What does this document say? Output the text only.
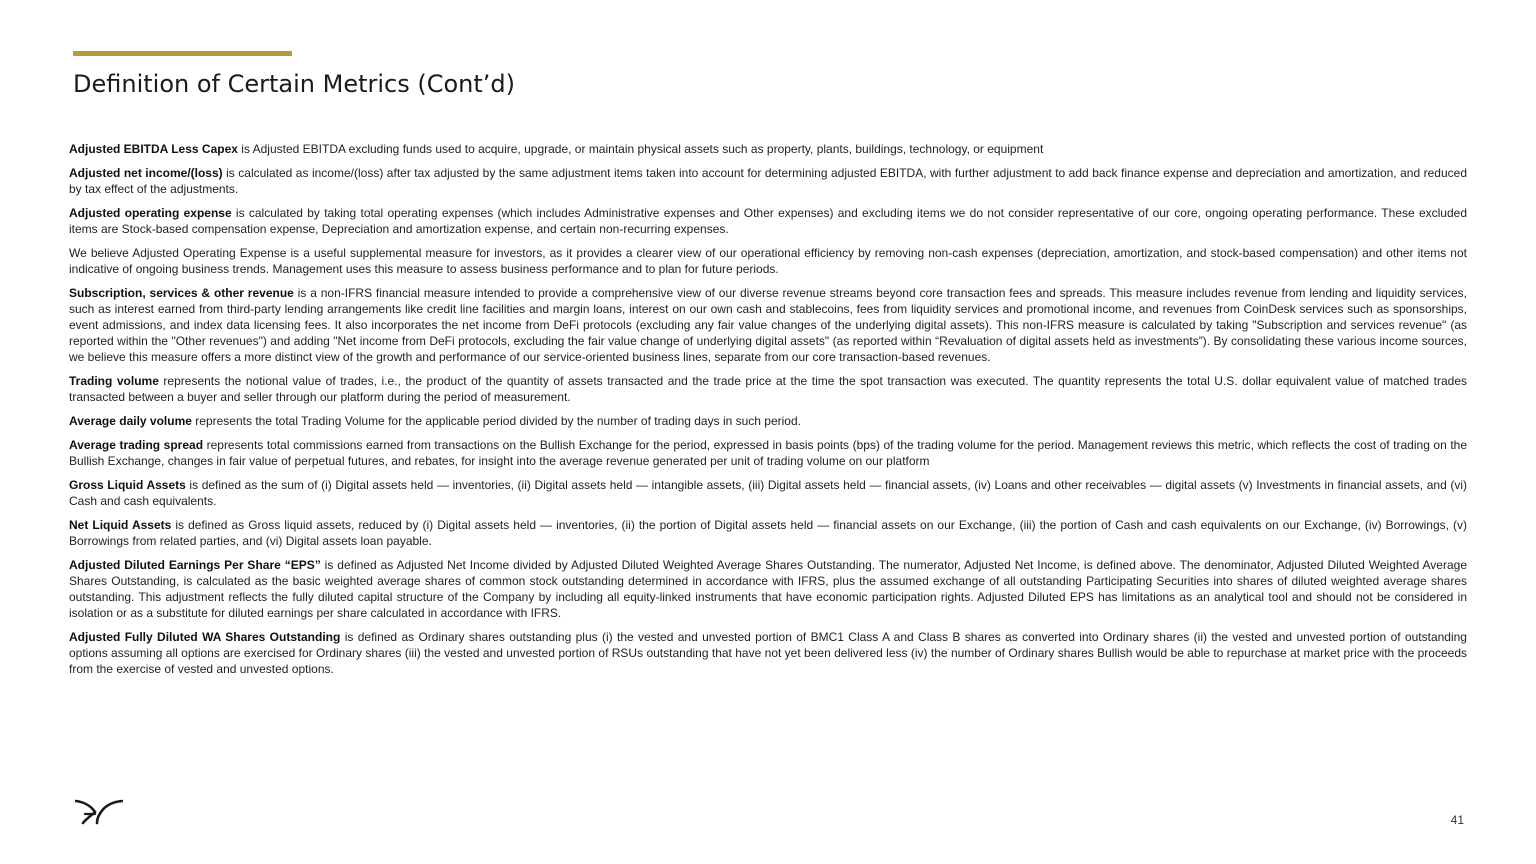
Definition of Certain Metrics (Cont’d)

Adjusted EBITDA Less Capex is Adjusted EBITDA excluding funds used to acquire, upgrade, or maintain physical assets such as property, plants, buildings, technology, or equipment

Adjusted net income/(loss) is calculated as income/(loss) after tax adjusted by the same adjustment items taken into account for determining adjusted EBITDA, with further adjustment to add back finance expense and depreciation and amortization, and reduced by tax effect of the adjustments.

Adjusted operating expense is calculated by taking total operating expenses (which includes Administrative expenses and Other expenses) and excluding items we do not consider representative of our core, ongoing operating performance. These excluded items are Stock-based compensation expense, Depreciation and amortization expense, and certain non-recurring expenses.

We believe Adjusted Operating Expense is a useful supplemental measure for investors, as it provides a clearer view of our operational efficiency by removing non-cash expenses (depreciation, amortization, and stock-based compensation) and other items not indicative of ongoing business trends. Management uses this measure to assess business performance and to plan for future periods.

Subscription, services & other revenue is a non-IFRS financial measure intended to provide a comprehensive view of our diverse revenue streams beyond core transaction fees and spreads. This measure includes revenue from lending and liquidity services, such as interest earned from third-party lending arrangements like credit line facilities and margin loans, interest on our own cash and stablecoins, fees from liquidity services and promotional income, and revenues from CoinDesk services such as sponsorships, event admissions, and index data licensing fees. It also incorporates the net income from DeFi protocols (excluding any fair value changes of the underlying digital assets). This non-IFRS measure is calculated by taking "Subscription and services revenue" (as reported within the "Other revenues") and adding "Net income from DeFi protocols, excluding the fair value change of underlying digital assets" (as reported within “Revaluation of digital assets held as investments”). By consolidating these various income sources, we believe this measure offers a more distinct view of the growth and performance of our service-oriented business lines, separate from our core transaction-based revenues.

Trading volume represents the notional value of trades, i.e., the product of the quantity of assets transacted and the trade price at the time the spot transaction was executed. The quantity represents the total U.S. dollar equivalent value of matched trades transacted between a buyer and seller through our platform during the period of measurement.

Average daily volume represents the total Trading Volume for the applicable period divided by the number of trading days in such period.

Average trading spread represents total commissions earned from transactions on the Bullish Exchange for the period, expressed in basis points (bps) of the trading volume for the period. Management reviews this metric, which reflects the cost of trading on the Bullish Exchange, changes in fair value of perpetual futures, and rebates, for insight into the average revenue generated per unit of trading volume on our platform

Gross Liquid Assets is defined as the sum of (i) Digital assets held — inventories, (ii) Digital assets held — intangible assets, (iii) Digital assets held — financial assets, (iv) Loans and other receivables — digital assets (v) Investments in financial assets, and (vi) Cash and cash equivalents.

Net Liquid Assets is defined as Gross liquid assets, reduced by (i) Digital assets held — inventories, (ii) the portion of Digital assets held — financial assets on our Exchange, (iii) the portion of Cash and cash equivalents on our Exchange, (iv) Borrowings, (v) Borrowings from related parties, and (vi) Digital assets loan payable.

Adjusted Diluted Earnings Per Share “EPS” is defined as Adjusted Net Income divided by Adjusted Diluted Weighted Average Shares Outstanding. The numerator, Adjusted Net Income, is defined above. The denominator, Adjusted Diluted Weighted Average Shares Outstanding, is calculated as the basic weighted average shares of common stock outstanding determined in accordance with IFRS, plus the assumed exchange of all outstanding Participating Securities into shares of diluted weighted average shares outstanding. This adjustment reflects the fully diluted capital structure of the Company by including all equity-linked instruments that have economic participation rights. Adjusted Diluted EPS has limitations as an analytical tool and should not be considered in isolation or as a substitute for diluted earnings per share calculated in accordance with IFRS.

Adjusted Fully Diluted WA Shares Outstanding is defined as Ordinary shares outstanding plus (i) the vested and unvested portion of BMC1 Class A and Class B shares as converted into Ordinary shares (ii) the vested and unvested portion of outstanding options assuming all options are exercised for Ordinary shares (iii) the vested and unvested portion of RSUs outstanding that have not yet been delivered less (iv) the number of Ordinary shares Bullish would be able to repurchase at market price with the proceeds from the exercise of vested and unvested options.

41
